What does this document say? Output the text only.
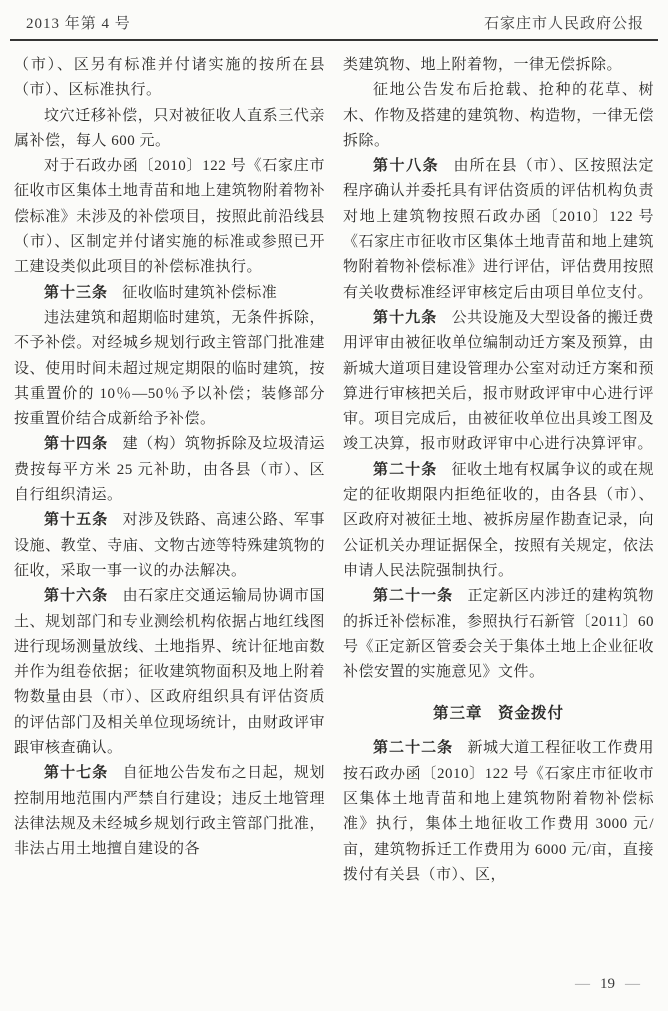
2013 年第 4 号	石家庄市人民政府公报

（市）、区另有标准并付诸实施的按所在县（市）、区标准执行。

坟穴迁移补偿，只对被征收人直系三代亲属补偿，每人 600 元。

对于石政办函〔2010〕122 号《石家庄市征收市区集体土地青苗和地上建筑物附着物补偿标准》未涉及的补偿项目，按照此前沿线县（市）、区制定并付诸实施的标准或参照已开工建设类似此项目的补偿标准执行。

第十三条 征收临时建筑补偿标准

违法建筑和超期临时建筑，无条件拆除，不予补偿。对经城乡规划行政主管部门批准建设、使用时间未超过规定期限的临时建筑，按其重置价的 10％—50％予以补偿；装修部分按重置价结合成新给予补偿。

第十四条 建（构）筑物拆除及垃圾清运费按每平方米 25 元补助，由各县（市）、区自行组织清运。

第十五条 对涉及铁路、高速公路、军事设施、教堂、寺庙、文物古迹等特殊建筑物的征收，采取一事一议的办法解决。

第十六条 由石家庄交通运输局协调市国土、规划部门和专业测绘机构依据占地红线图进行现场测量放线、土地指界、统计征地亩数并作为组卷依据；征收建筑物面积及地上附着物数量由县（市）、区政府组织具有评估资质的评估部门及相关单位现场统计，由财政评审跟审核查确认。

第十七条 自征地公告发布之日起，规划控制用地范围内严禁自行建设；违反土地管理法律法规及未经城乡规划行政主管部门批准，非法占用土地擅自建设的各

类建筑物、地上附着物，一律无偿拆除。

征地公告发布后抢载、抢种的花草、树木、作物及搭建的建筑物、构造物，一律无偿拆除。

第十八条 由所在县（市）、区按照法定程序确认并委托具有评估资质的评估机构负责对地上建筑物按照石政办函〔2010〕122 号《石家庄市征收市区集体土地青苗和地上建筑物附着物补偿标准》进行评估，评估费用按照有关收费标准经评审核定后由项目单位支付。

第十九条 公共设施及大型设备的搬迁费用评审由被征收单位编制动迁方案及预算，由新城大道项目建设管理办公室对动迁方案和预算进行审核把关后，报市财政评审中心进行评审。项目完成后，由被征收单位出具竣工图及竣工决算，报市财政评审中心进行决算评审。

第二十条 征收土地有权属争议的或在规定的征收期限内拒绝征收的，由各县（市）、区政府对被征土地、被拆房屋作勘查记录，向公证机关办理证据保全，按照有关规定，依法申请人民法院强制执行。

第二十一条 正定新区内涉迁的建构筑物的拆迁补偿标准，参照执行石新管〔2011〕60 号《正定新区管委会关于集体土地上企业征收补偿安置的实施意见》文件。

第三章 资金拨付

第二十二条 新城大道工程征收工作费用按石政办函〔2010〕122 号《石家庄市征收市区集体土地青苗和地上建筑物附着物补偿标准》执行，集体土地征收工作费用 3000 元/亩，建筑物拆迁工作费用为 6000 元/亩，直接拨付有关县（市）、区，

— 19 —
